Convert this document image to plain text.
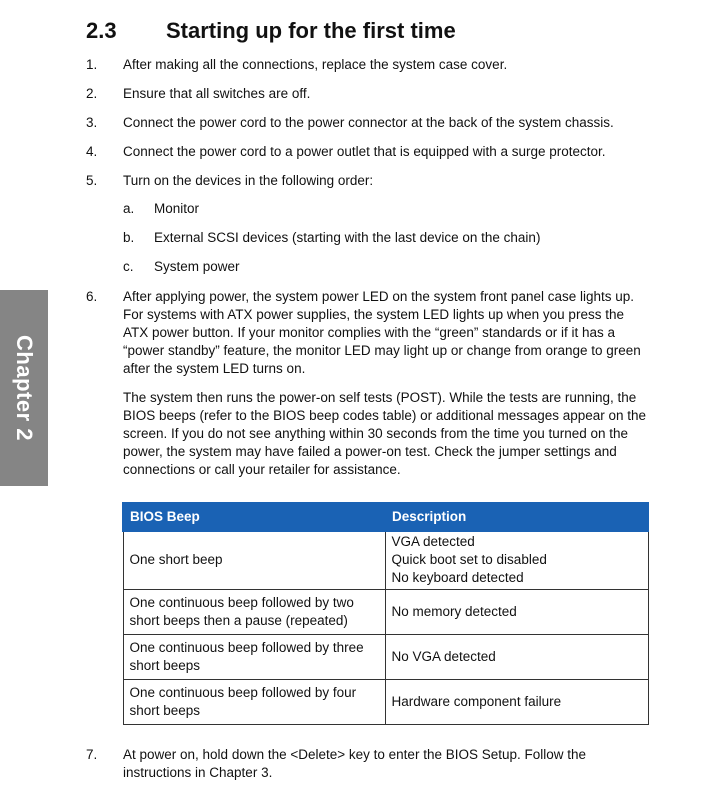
Chapter 2
2.3 Starting up for the first time
1. After making all the connections, replace the system case cover.
2. Ensure that all switches are off.
3. Connect the power cord to the power connector at the back of the system chassis.
4. Connect the power cord to a power outlet that is equipped with a surge protector.
5. Turn on the devices in the following order:
a. Monitor
b. External SCSI devices (starting with the last device on the chain)
c. System power
6. After applying power, the system power LED on the system front panel case lights up. For systems with ATX power supplies, the system LED lights up when you press the ATX power button. If your monitor complies with the “green” standards or if it has a “power standby” feature, the monitor LED may light up or change from orange to green after the system LED turns on.
The system then runs the power-on self tests (POST). While the tests are running, the BIOS beeps (refer to the BIOS beep codes table) or additional messages appear on the screen. If you do not see anything within 30 seconds from the time you turned on the power, the system may have failed a power-on test. Check the jumper settings and connections or call your retailer for assistance.
BIOS Beep	Description
One short beep	VGA detected
Quick boot set to disabled
No keyboard detected
One continuous beep followed by two short beeps then a pause (repeated)	No memory detected
One continuous beep followed by three short beeps	No VGA detected
One continuous beep followed by four short beeps	Hardware component failure
7. At power on, hold down the <Delete> key to enter the BIOS Setup. Follow the instructions in Chapter 3.
